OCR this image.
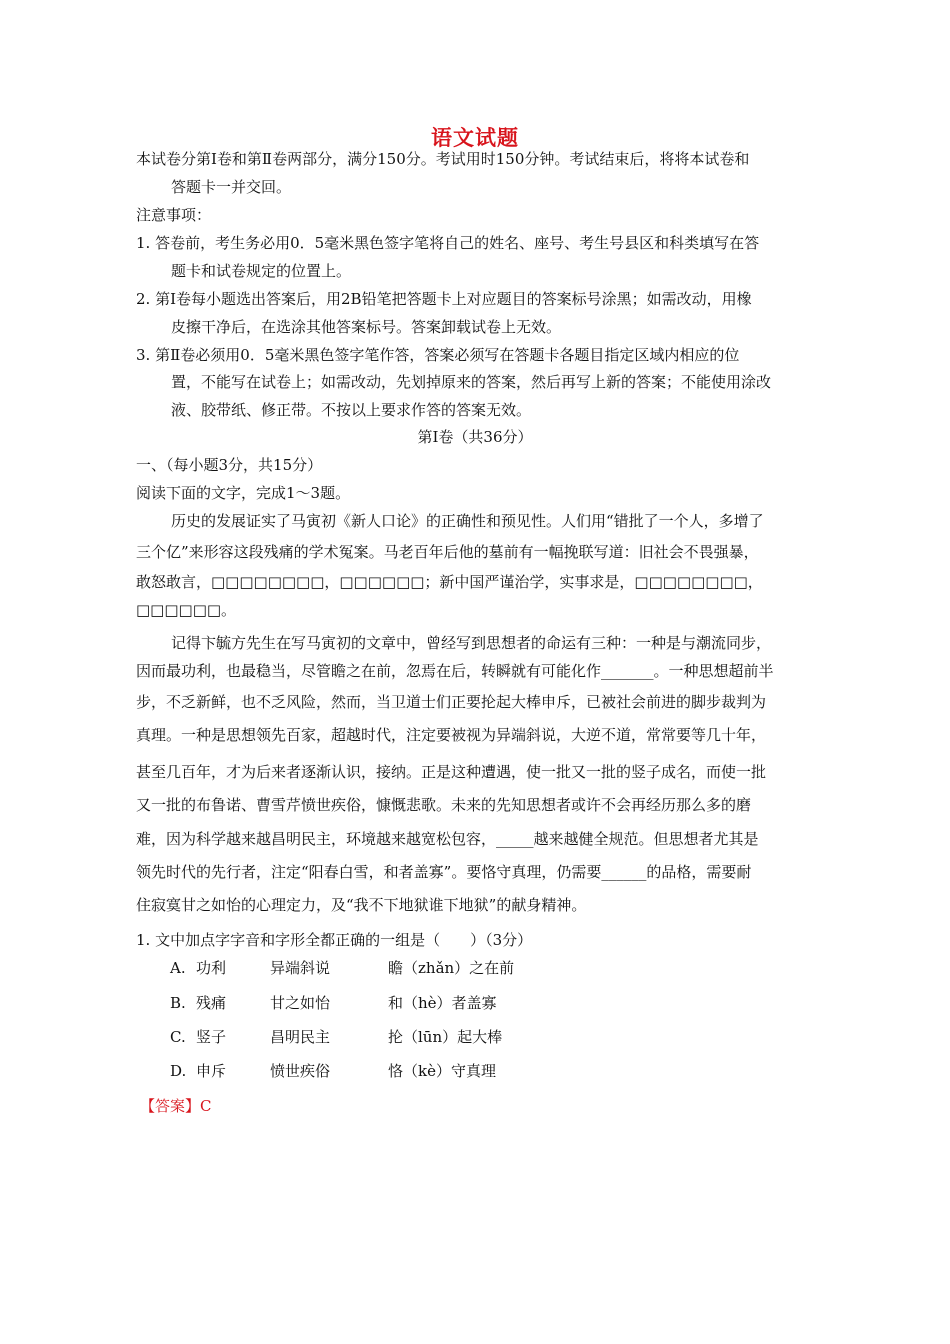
语文试题
本试卷分第Ⅰ卷和第Ⅱ卷两部分，满分150分。考试用时150分钟。考试结束后，将将本试卷和
答题卡一并交回。
注意事项：
1. 答卷前，考生务必用0．5毫米黑色签字笔将自己的姓名、座号、考生号县区和科类填写在答
题卡和试卷规定的位置上。
2. 第Ⅰ卷每小题选出答案后，用2B铅笔把答题卡上对应题目的答案标号涂黑；如需改动，用橡
皮擦干净后，在选涂其他答案标号。答案卸载试卷上无效。
3. 第Ⅱ卷必须用0．5毫米黑色签字笔作答，答案必须写在答题卡各题目指定区域内相应的位
置，不能写在试卷上；如需改动，先划掉原来的答案，然后再写上新的答案；不能使用涂改
液、胶带纸、修正带。不按以上要求作答的答案无效。
第Ⅰ卷（共36分）
一、（每小题3分，共15分）
阅读下面的文字，完成1～3题。
历史的发展证实了马寅初《新人口论》的正确性和预见性。人们用“错批了一个人，多增了
三个亿”来形容这段残痛的学术冤案。马老百年后他的墓前有一幅挽联写道：旧社会不畏强暴，
敢怒敢言，□□□□□□□□，□□□□□□；新中国严谨治学，实事求是，□□□□□□□□，
□□□□□□。
记得卞毓方先生在写马寅初的文章中，曾经写到思想者的命运有三种：一种是与潮流同步，
因而最功利，也最稳当，尽管瞻之在前，忽焉在后，转瞬就有可能化作_______。一种思想超前半
步，不乏新鲜，也不乏风险，然而，当卫道士们正要抡起大棒申斥，已被社会前进的脚步裁判为
真理。一种是思想领先百家，超越时代，注定要被视为异端斜说，大逆不道，常常要等几十年，
甚至几百年，才为后来者逐渐认识，接纳。正是这种遭遇，使一批又一批的竖子成名，而使一批
又一批的布鲁诺、曹雪芹愤世疾俗，慷慨悲歌。未来的先知思想者或许不会再经历那么多的磨
难，因为科学越来越昌明民主，环境越来越宽松包容，_____越来越健全规范。但思想者尤其是
领先时代的先行者，注定“阳春白雪，和者盖寡”。要恪守真理，仍需要______的品格，需要耐
住寂寞甘之如怡的心理定力，及“我不下地狱谁下地狱”的献身精神。
1. 文中加点字字音和字形全都正确的一组是（　　）（3分）
A. 功利	异端斜说	瞻（zhǎn）之在前
B. 残痛	甘之如怡	和（hè）者盖寡
C. 竖子	昌明民主	抡（lūn）起大棒
D. 申斥	愤世疾俗	恪（kè）守真理
【答案】C
